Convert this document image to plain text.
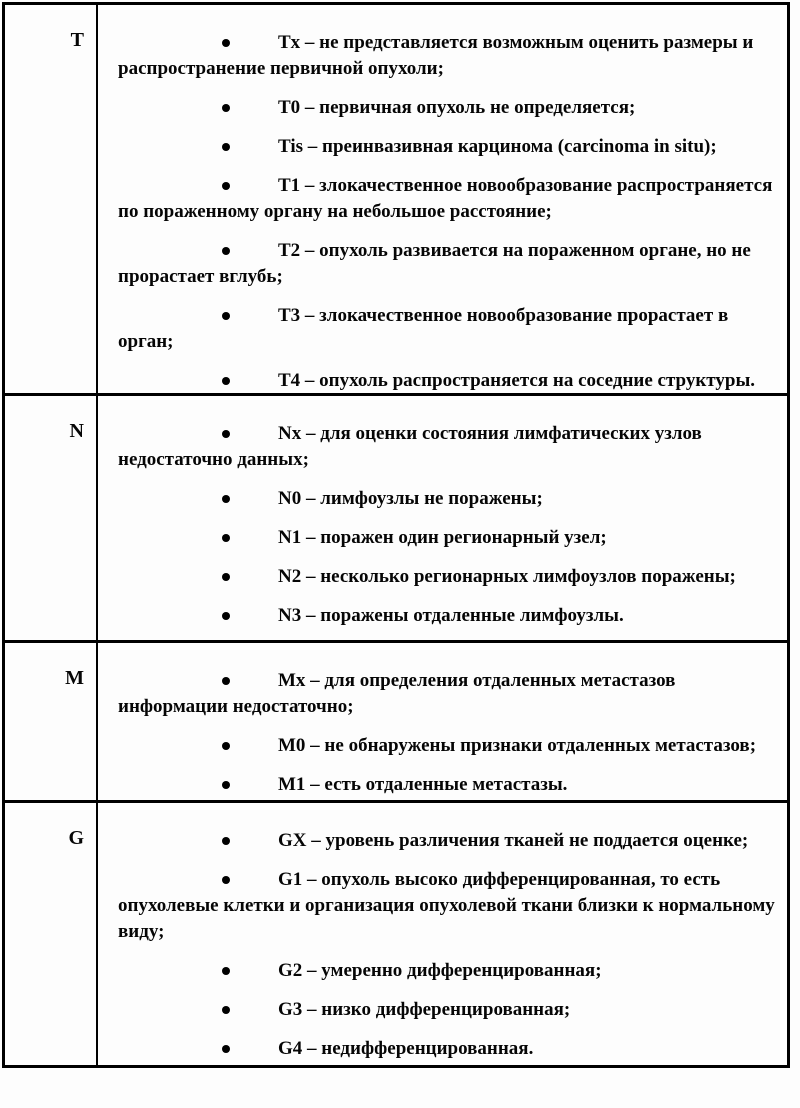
T	Tx – не представляется возможным оценить размеры и распространение первичной опухоли;

T0 – первичная опухоль не определяется;

Tis – преинвазивная карцинома (carcinoma in situ);

T1 – злокачественное новообразование распространяется по пораженному органу на небольшое расстояние;

T2 – опухоль развивается на пораженном органе, но не прорастает вглубь;

T3 – злокачественное новообразование прорастает в орган;

T4 – опухоль распространяется на соседние структуры.

N	Nx – для оценки состояния лимфатических узлов недостаточно данных;

N0 – лимфоузлы не поражены;

N1 – поражен один регионарный узел;

N2 – несколько регионарных лимфоузлов поражены;

N3 – поражены отдаленные лимфоузлы.

M	Mx – для определения отдаленных метастазов информации недостаточно;

M0 – не обнаружены признаки отдаленных метастазов;

M1 – есть отдаленные метастазы.

G	GX – уровень различения тканей не поддается оценке;

G1 – опухоль высоко дифференцированная, то есть опухолевые клетки и организация опухолевой ткани близки к нормальному виду;

G2 – умеренно дифференцированная;

G3 – низко дифференцированная;

G4 – недифференцированная.
